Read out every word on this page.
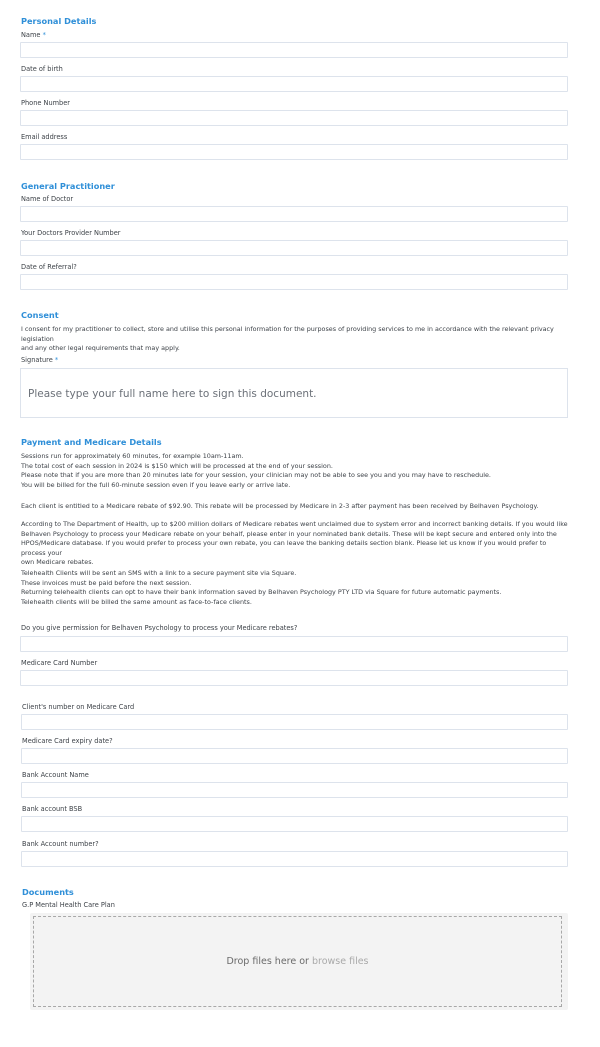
Personal Details
Name *
Date of birth
Phone Number
Email address
General Practitioner
Name of Doctor
Your Doctors Provider Number
Date of Referral?
Consent
I consent for my practitioner to collect, store and utilise this personal information for the purposes of providing services to me in accordance with the relevant privacy legislation
and any other legal requirements that may apply.
Signature *
Please type your full name here to sign this document.
Payment and Medicare Details
Sessions run for approximately 60 minutes, for example 10am-11am.
The total cost of each session in 2024 is $150 which will be processed at the end of your session.
Please note that if you are more than 20 minutes late for your session, your clinician may not be able to see you and you may have to reschedule.
You will be billed for the full 60-minute session even if you leave early or arrive late.
Each client is entitled to a Medicare rebate of $92.90. This rebate will be processed by Medicare in 2-3 after payment has been received by Belhaven Psychology.
According to The Department of Health, up to $200 million dollars of Medicare rebates went unclaimed due to system error and incorrect banking details. If you would like
Belhaven Psychology to process your Medicare rebate on your behalf, please enter in your nominated bank details. These will be kept secure and entered only into the
HPOS/Medicare database. If you would prefer to process your own rebate, you can leave the banking details section blank. Please let us know if you would prefer to process your
own Medicare rebates.
Telehealth Clients will be sent an SMS with a link to a secure payment site via Square.
These invoices must be paid before the next session.
Returning telehealth clients can opt to have their bank information saved by Belhaven Psychology PTY LTD via Square for future automatic payments.
Telehealth clients will be billed the same amount as face-to-face clients.
Do you give permission for Belhaven Psychology to process your Medicare rebates?
Medicare Card Number
Client's number on Medicare Card
Medicare Card expiry date?
Bank Account Name
Bank account BSB
Bank Account number?
Documents
G.P Mental Health Care Plan
Drop files here or browse files
